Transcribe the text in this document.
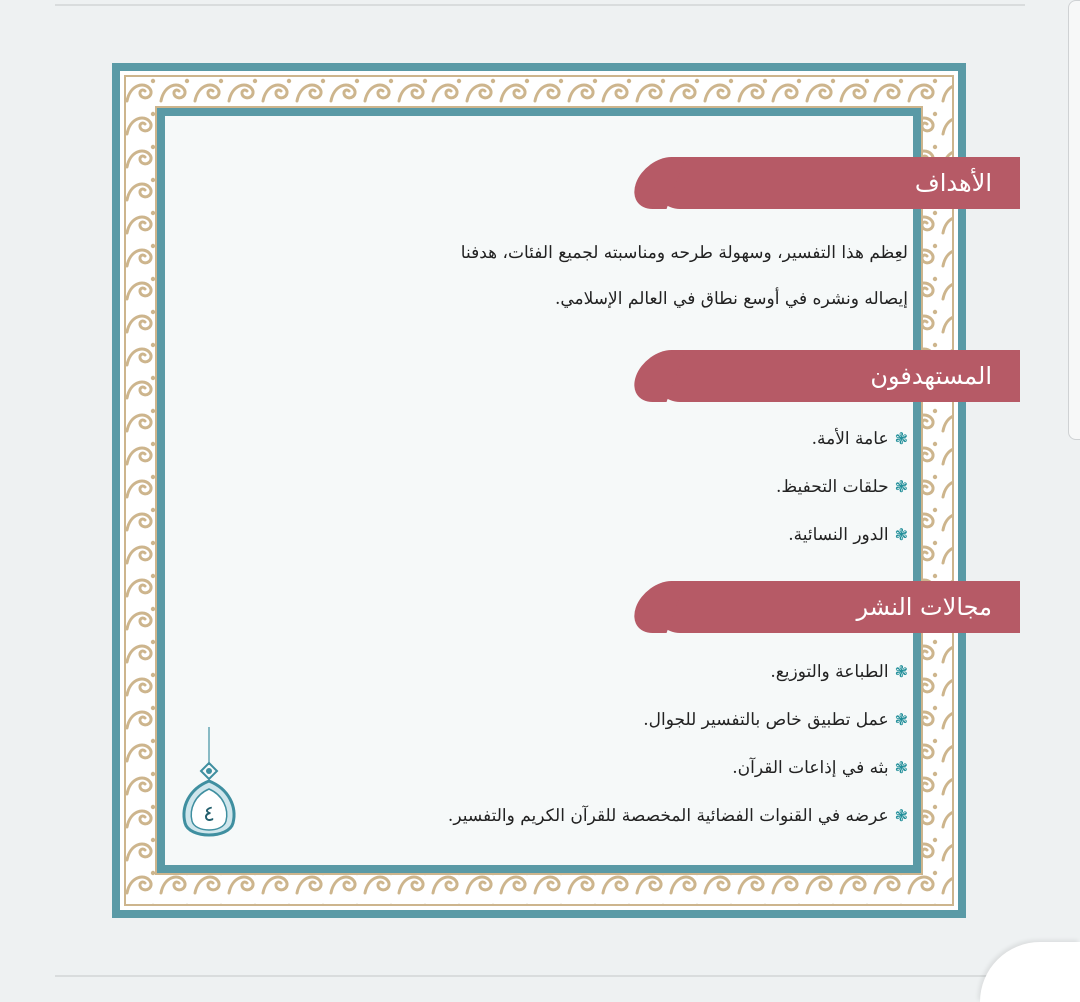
الأهداف
لعِظم هذا التفسير، وسهولة طرحه ومناسبته لجميع الفئات، هدفنا
إيصاله ونشره في أوسع نطاق في العالم الإسلامي.
المستهدفون
❃
عامة الأمة.
❃
حلقات التحفيظ.
❃
الدور النسائية.
مجالات النشر
❃
الطباعة والتوزيع.
❃
عمل تطبيق خاص بالتفسير للجوال.
❃
بثه في إذاعات القرآن.
❃
عرضه في القنوات الفضائية المخصصة للقرآن الكريم والتفسير.
٤
